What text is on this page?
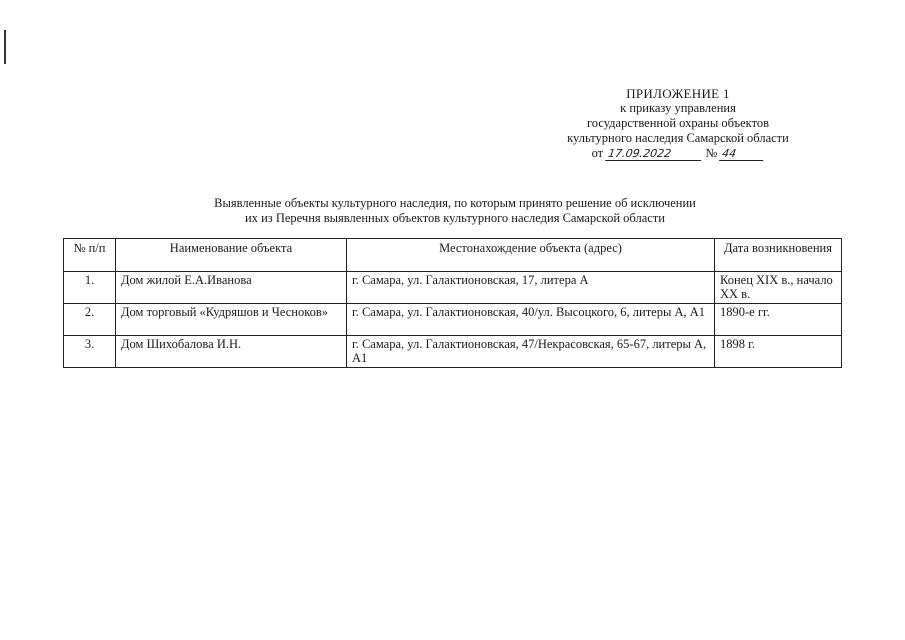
ПРИЛОЖЕНИЕ 1
к приказу управления
государственной охраны объектов
культурного наследия Самарской области
от 17.09.2022	№ 44
Выявленные объекты культурного наследия, по которым принято решение об исключении
их из Перечня выявленных объектов культурного наследия Самарской области
№ п/п	Наименование объекта	Местонахождение объекта (адрес)	Дата возникновения
1.	Дом жилой Е.А.Иванова	г. Самара, ул. Галактионовская, 17, литера А	Конец XIX в., начало XX в.
2.	Дом торговый «Кудряшов и Чесноков»	г. Самара, ул. Галактионовская, 40/ул. Высоцкого, 6, литеры А, А1	1890-е гг.
3.	Дом Шихобалова И.Н.	г. Самара, ул. Галактионовская, 47/Некрасовская, 65-67, литеры А, А1	1898 г.
